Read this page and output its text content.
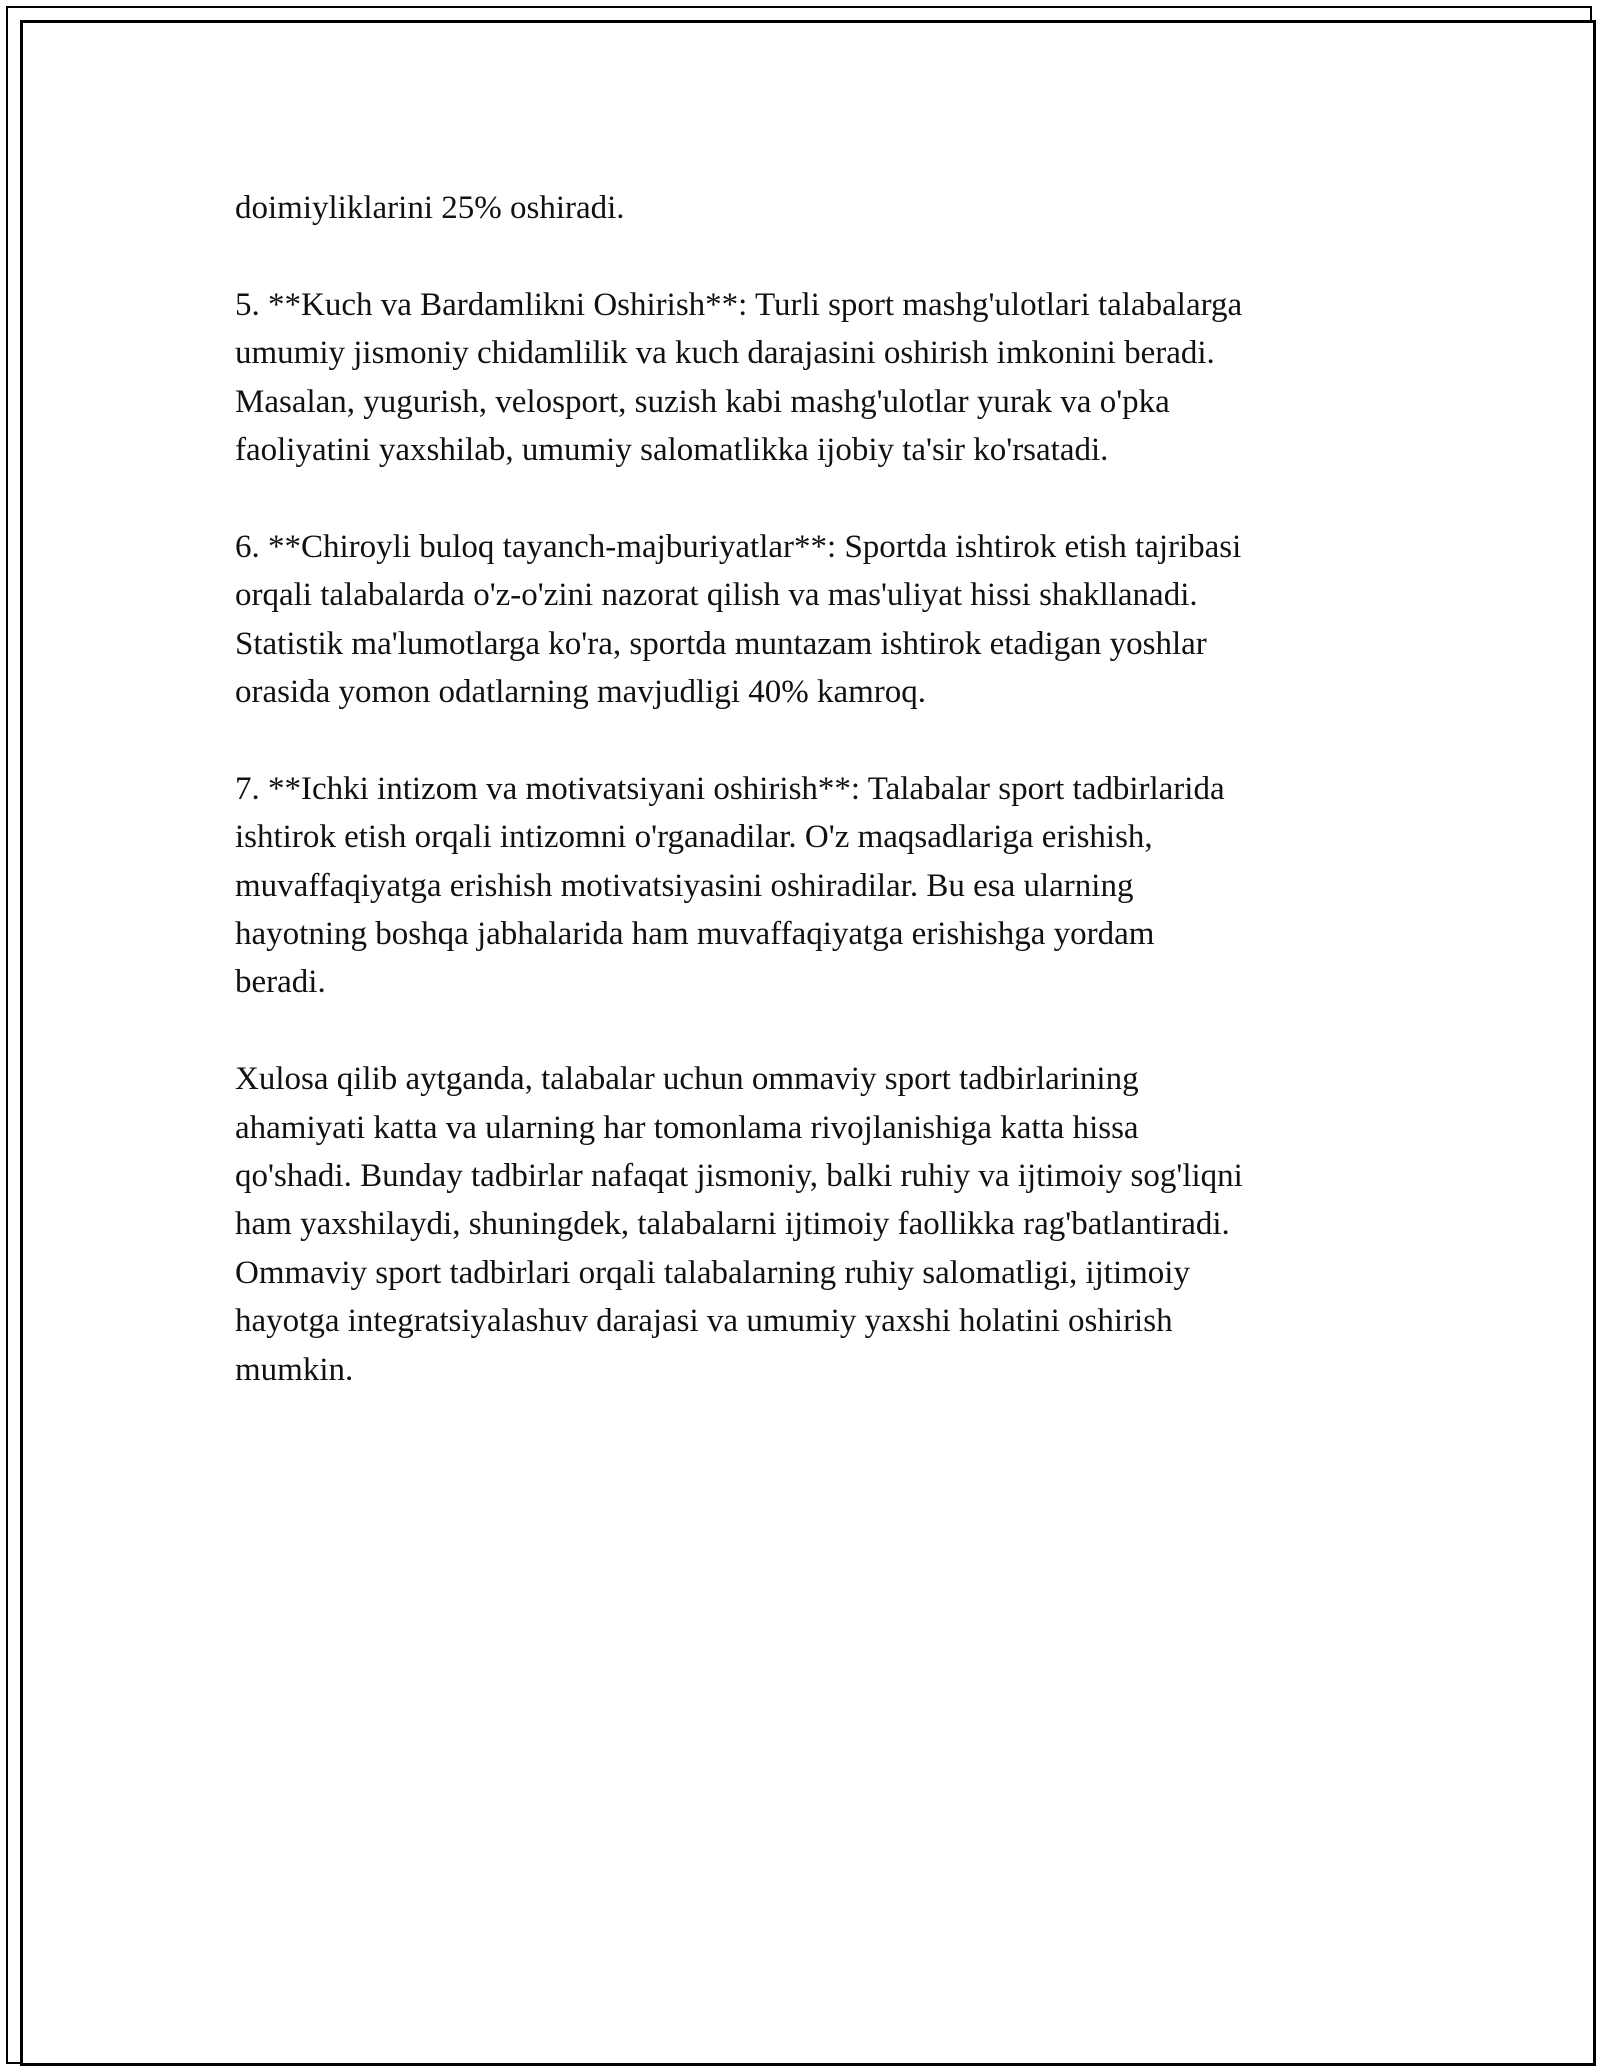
doimiyliklarini 25% oshiradi.

5. **Kuch va Bardamlikni Oshirish**: Turli sport mashg'ulotlari talabalarga
umumiy jismoniy chidamlilik va kuch darajasini oshirish imkonini beradi.
Masalan, yugurish, velosport, suzish kabi mashg'ulotlar yurak va o'pka
faoliyatini yaxshilab, umumiy salomatlikka ijobiy ta'sir ko'rsatadi.

6. **Chiroyli buloq tayanch-majburiyatlar**: Sportda ishtirok etish tajribasi
orqali talabalarda o'z-o'zini nazorat qilish va mas'uliyat hissi shakllanadi.
Statistik ma'lumotlarga ko'ra, sportda muntazam ishtirok etadigan yoshlar
orasida yomon odatlarning mavjudligi 40% kamroq.

7. **Ichki intizom va motivatsiyani oshirish**: Talabalar sport tadbirlarida
ishtirok etish orqali intizomni o'rganadilar. O'z maqsadlariga erishish,
muvaffaqiyatga erishish motivatsiyasini oshiradilar. Bu esa ularning
hayotning boshqa jabhalarida ham muvaffaqiyatga erishishga yordam
beradi.

Xulosa qilib aytganda, talabalar uchun ommaviy sport tadbirlarining
ahamiyati katta va ularning har tomonlama rivojlanishiga katta hissa
qo'shadi. Bunday tadbirlar nafaqat jismoniy, balki ruhiy va ijtimoiy sog'liqni
ham yaxshilaydi, shuningdek, talabalarni ijtimoiy faollikka rag'batlantiradi.
Ommaviy sport tadbirlari orqali talabalarning ruhiy salomatligi, ijtimoiy
hayotga integratsiyalashuv darajasi va umumiy yaxshi holatini oshirish
mumkin.
